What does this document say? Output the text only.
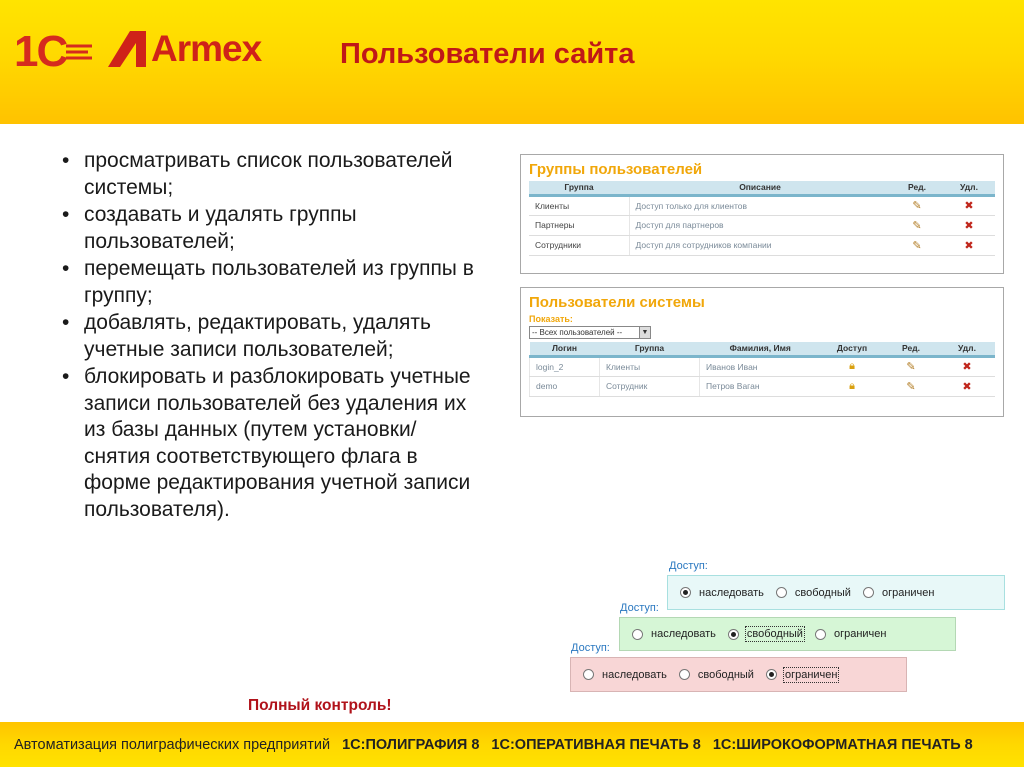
1С Armex	Пользователи сайта
• просматривать список пользователей системы;
• создавать и удалять группы пользователей;
• перемещать пользователей из группы в группу;
• добавлять, редактировать, удалять учетные записи пользователей;
• блокировать и разблокировать учетные записи пользователей без удаления их из базы данных (путем установки/снятия соответствующего флага в форме редактирования учетной записи пользователя).
Группы пользователей
Группа	Описание	Ред.	Удл.
Клиенты	Доступ только для клиентов	✎	✖
Партнеры	Доступ для партнеров	✎	✖
Сотрудники	Доступ для сотрудников компании	✎	✖
Пользователи системы
Показать:
-- Всех пользователей --	▼
Логин	Группа	Фамилия, Имя	Доступ	Ред.	Удл.
login_2	Клиенты	Иванов Иван	🔒︎	✎	✖
demo	Сотрудник	Петров Ваган	🔒︎	✎	✖
Доступ:
наследовать	свободный	ограничен
Доступ:
наследовать	свободный	ограничен
Доступ:
наследовать	свободный	ограничен
Полный контроль!
Автоматизация полиграфических предприятий 1С:ПОЛИГРАФИЯ 8 1С:ОПЕРАТИВНАЯ ПЕЧАТЬ 8 1С:ШИРОКОФОРМАТНАЯ ПЕЧАТЬ 8
